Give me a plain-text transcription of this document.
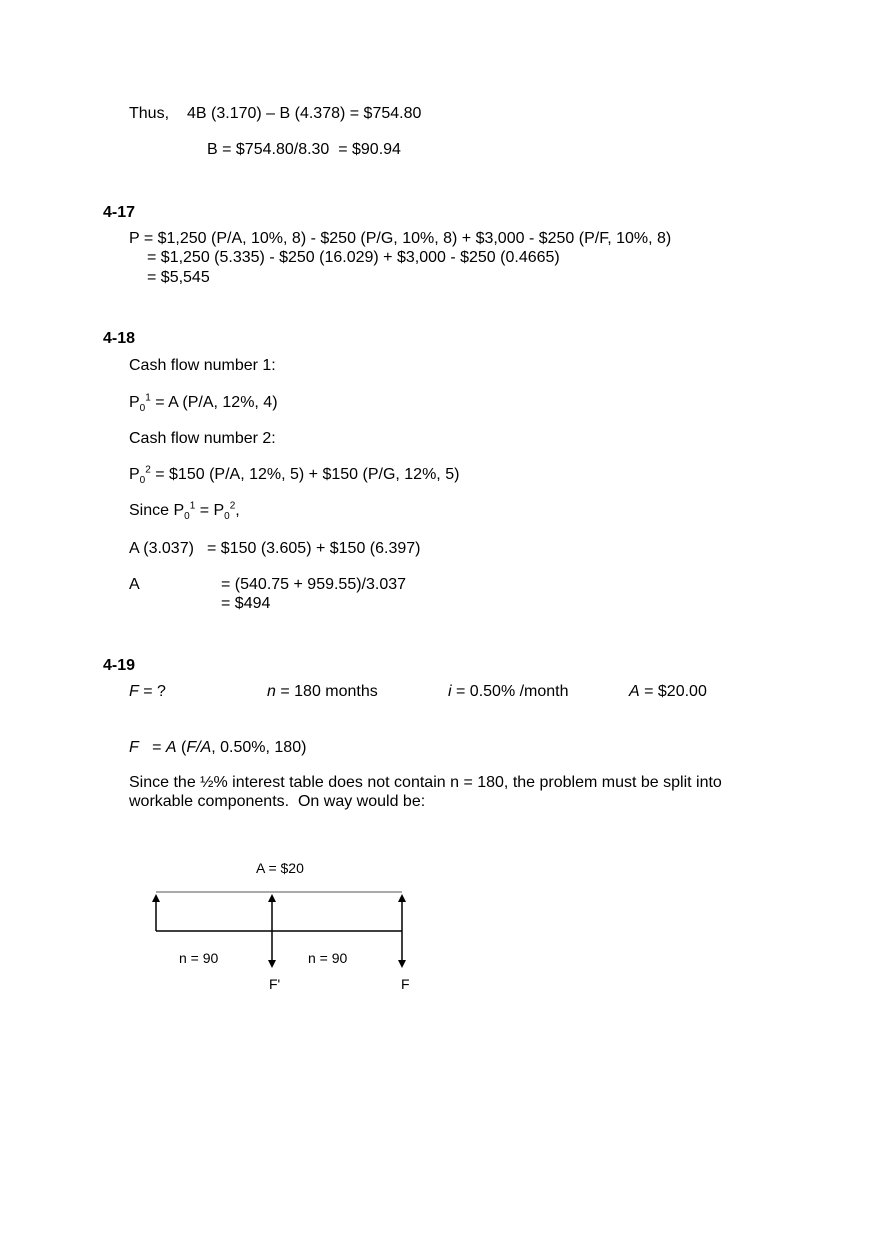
Thus, 4B (3.170) – B (4.378) = $754.80
B = $754.80/8.30  = $90.94
4-17
P = $1,250 (P/A, 10%, 8) - $250 (P/G, 10%, 8) + $3,000 - $250 (P/F, 10%, 8)
= $1,250 (5.335) - $250 (16.029) + $3,000 - $250 (0.4665)
= $5,545
4-18
Cash flow number 1:
$P_0^1 = A$ (P/A, 12%, 4)
Cash flow number 2:
$P_0^2$ = $150 (P/A, 12%, 5) + $150 (P/G, 12%, 5)
Since $P_0^1 = P_0^2$,
A (3.037) = $150 (3.605) + $150 (6.397)
A	= (540.75 + 959.55)/3.037
= $494
4-19
F = ?	n = 180 months	i = 0.50% /month	A = $20.00
F   = A (F/A, 0.50%, 180)
Since the ½% interest table does not contain n = 180, the problem must be split into
workable components.  On way would be:
A = $20
n = 90	n = 90
F'	F
